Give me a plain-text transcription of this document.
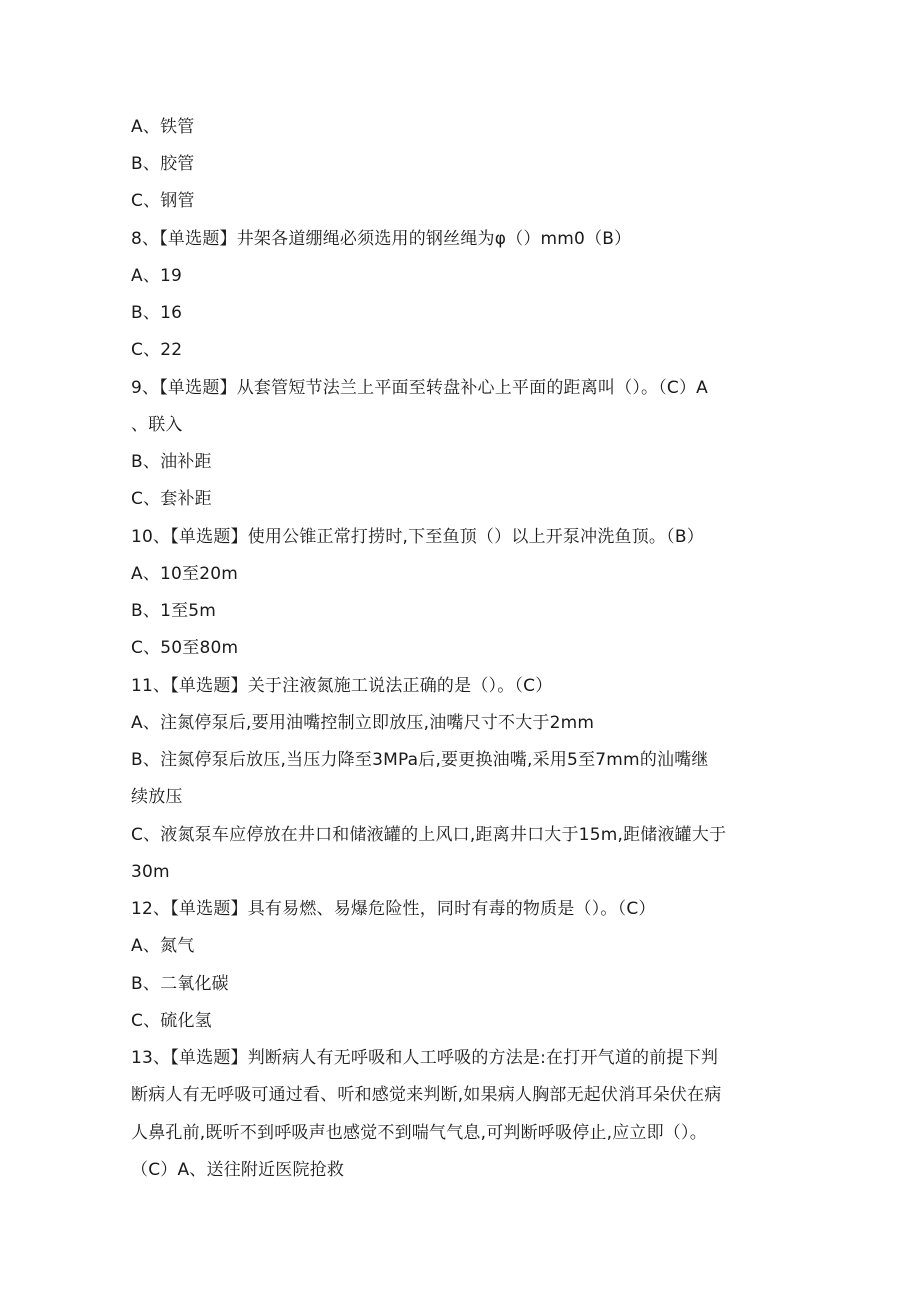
A、铁管
B、胶管
C、钢管
8、【单选题】井架各道绷绳必须选用的钢丝绳为φ（）mm0（B）
A、19
B、16
C、22
9、【单选题】从套管短节法兰上平面至转盘补心上平面的距离叫（）。（C）A
、联入
B、油补距
C、套补距
10、【单选题】使用公锥正常打捞时,下至鱼顶（）以上开泵冲洗鱼顶。（B）
A、10至20m
B、1至5m
C、50至80m
11、【单选题】关于注液氮施工说法正确的是（）。（C）
A、注氮停泵后,要用油嘴控制立即放压,油嘴尺寸不大于2mm
B、注氮停泵后放压,当压力降至3MPa后,要更换油嘴,采用5至7mm的汕嘴继
续放压
C、液氮泵车应停放在井口和储液罐的上风口,距离井口大于15m,距储液罐大于
30m
12、【单选题】具有易燃、易爆危险性，同时有毒的物质是（）。（C）
A、氮气
B、二氧化碳
C、硫化氢
13、【单选题】判断病人有无呼吸和人工呼吸的方法是:在打开气道的前提下判
断病人有无呼吸可通过看、听和感觉来判断,如果病人胸部无起伏消耳朵伏在病
人鼻孔前,既听不到呼吸声也感觉不到喘气气息,可判断呼吸停止,应立即（）。
（C）A、送往附近医院抢救
